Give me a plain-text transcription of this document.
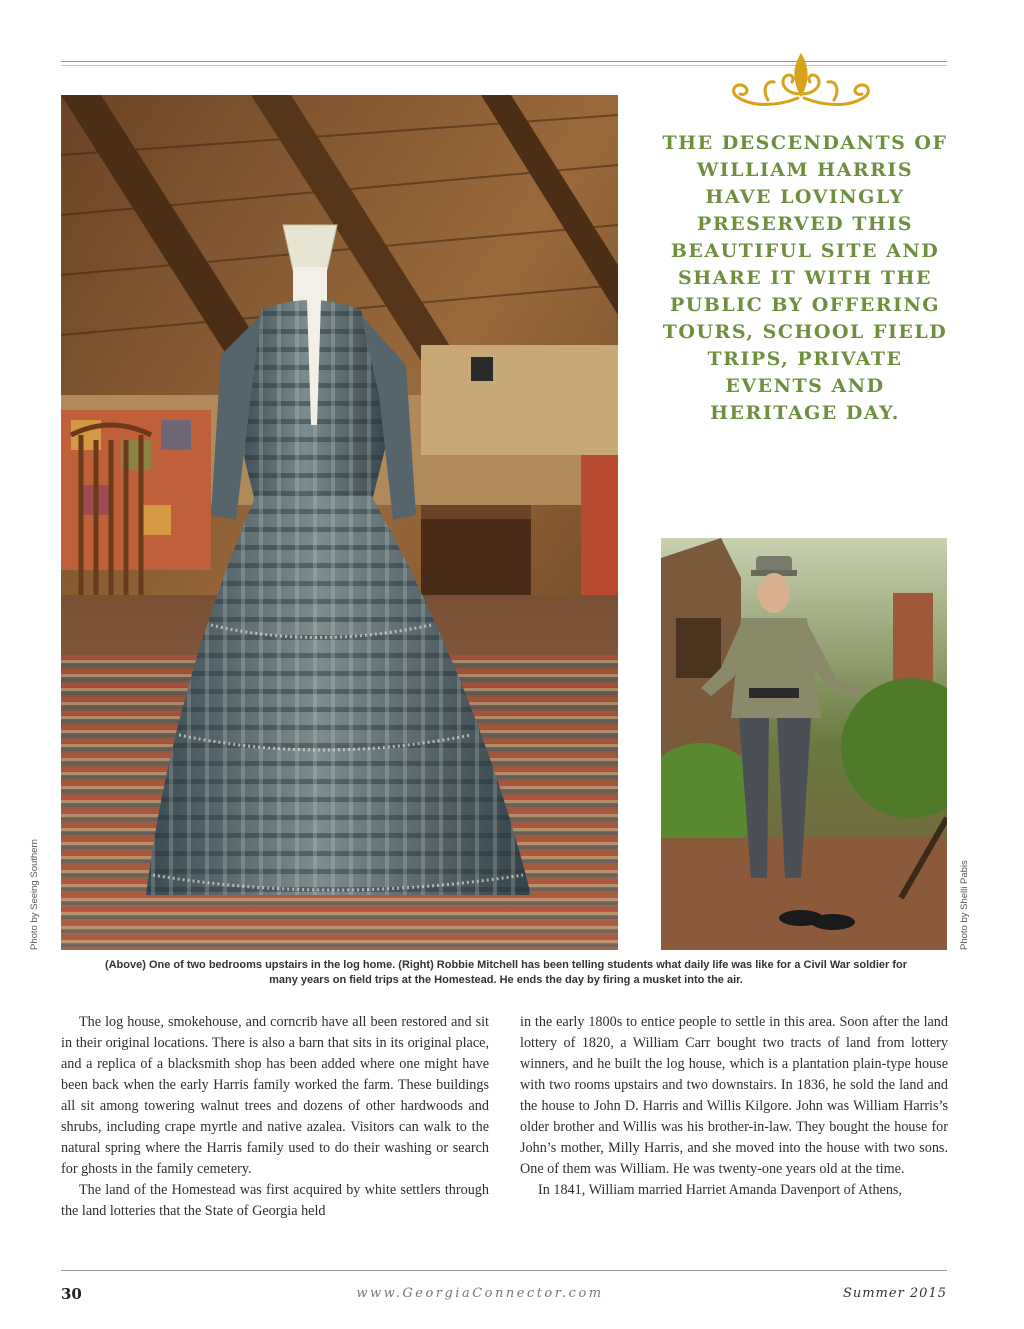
Photo by Seeing Southern	Photo by Shelli Pabis

THE DESCENDANTS OF WILLIAM HARRIS HAVE LOVINGLY PRESERVED THIS BEAUTIFUL SITE AND SHARE IT WITH THE PUBLIC BY OFFERING TOURS, SCHOOL FIELD TRIPS, PRIVATE EVENTS AND HERITAGE DAY.

(Above) One of two bedrooms upstairs in the log home. (Right) Robbie Mitchell has been telling students what daily life was like for a Civil War soldier for many years on field trips at the Homestead. He ends the day by firing a musket into the air.

The log house, smokehouse, and corncrib have all been restored and sit in their original locations. There is also a barn that sits in its original place, and a replica of a blacksmith shop has been added where one might have been back when the early Harris family worked the farm. These buildings all sit among towering walnut trees and dozens of other hardwoods and shrubs, including crape myrtle and native azalea. Visitors can walk to the natural spring where the Harris family used to do their washing or search for ghosts in the family cemetery.

The land of the Homestead was first acquired by white settlers through the land lotteries that the State of Georgia held

in the early 1800s to entice people to settle in this area. Soon after the land lottery of 1820, a William Carr bought two tracts of land from lottery winners, and he built the log house, which is a plantation plain-type house with two rooms upstairs and two downstairs. In 1836, he sold the land and the house to John D. Harris and Willis Kilgore. John was William Harris’s older brother and Willis was his brother-in-law. They bought the house for John’s mother, Milly Harris, and she moved into the house with two sons. One of them was William. He was twenty-one years old at the time.

In 1841, William married Harriet Amanda Davenport of Athens,

30	www.GeorgiaConnector.com	Summer 2015
